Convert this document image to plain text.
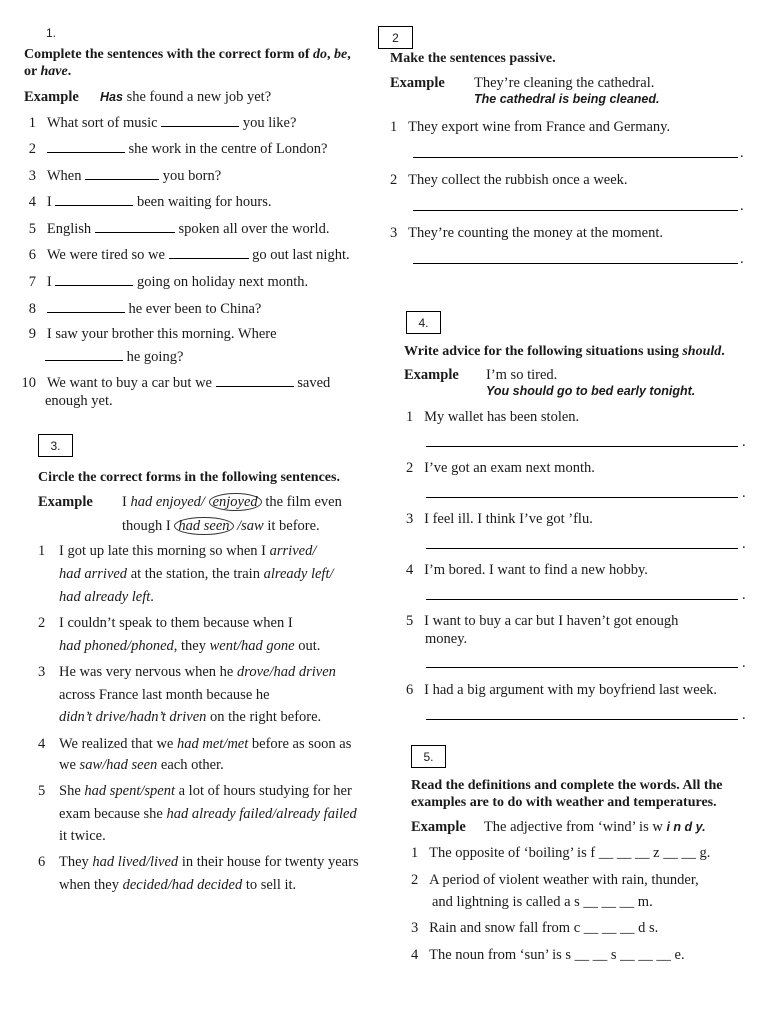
1.
Complete the sentences with the correct form of do, be,
or have.
Example Has she found a new job yet?
1 What sort of music	you like?
2	she work in the centre of London?
3 When	you born?
4 I	been waiting for hours.
5 English	spoken all over the world.
6 We were tired so we	go out last night.
7 I	going on holiday next month.
8	he ever been to China?
9 I saw your brother this morning. Where
he going?
10 We want to buy a car but we	saved
enough yet.
2
Make the sentences passive.
Example They’re cleaning the cathedral.
The cathedral is being cleaned.
1 They export wine from France and Germany.
.
2 They collect the rubbish once a week.
.
3 They’re counting the money at the moment.
.
3.
Circle the correct forms in the following sentences.
Example I had enjoyed/ enjoyed the film even
though I had seen /saw it before.
1 I got up late this morning so when I arrived/
had arrived at the station, the train already left/
had already left.
2 I couldn’t speak to them because when I
had phoned/phoned, they went/had gone out.
3 He was very nervous when he drove/had driven
across France last month because he
didn’t drive/hadn’t driven on the right before.
4 We realized that we had met/met before as soon as
we saw/had seen each other.
5 She had spent/spent a lot of hours studying for her
exam because she had already failed/already failed
it twice.
6 They had lived/lived in their house for twenty years
when they decided/had decided to sell it.
4.
Write advice for the following situations using should.
Example I’m so tired.
You should go to bed early tonight.
1 My wallet has been stolen.
.
2 I’ve got an exam next month.
.
3 I feel ill. I think I’ve got ’flu.
.
4 I’m bored. I want to find a new hobby.
.
5 I want to buy a car but I haven’t got enough
money.
.
6 I had a big argument with my boyfriend last week.
.
5.
Read the definitions and complete the words. All the
examples are to do with weather and temperatures.
Example The adjective from ‘wind’ is w i n d y.
1 The opposite of ‘boiling’ is f __ __ __ z __ __ g.
2 A period of violent weather with rain, thunder,
and lightning is called a s __ __ __ m.
3 Rain and snow fall from c __ __ __ d s.
4 The noun from ‘sun’ is s __ __ s __ __ __ e.
